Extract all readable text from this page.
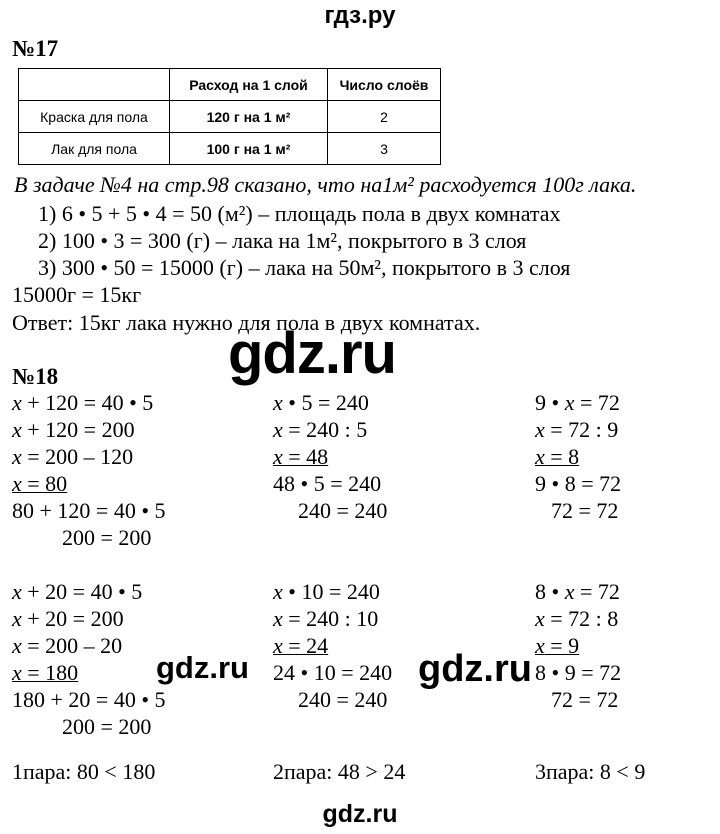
гдз.ру
№17
	Расход на 1 слой	Число слоёв
Краска для пола	120 г на 1 м²	2
Лак для пола	100 г на 1 м²	3
В задаче №4 на стр.98 сказано, что на1м² расходуется 100г лака.
1) 6 • 5 + 5 • 4 = 50 (м²) – площадь пола в двух комнатах
2) 100 • 3 = 300 (г) – лака на 1м², покрытого в 3 слоя
3) 300 • 50 = 15000 (г) – лака на 50м², покрытого в 3 слоя
15000г = 15кг
Ответ: 15кг лака нужно для пола в двух комнатах.
gdz.ru
№18
x + 120 = 40 • 5
x + 120 = 200
x = 200 – 120
x = 80
80 + 120 = 40 • 5
200 = 200
x • 5 = 240
x = 240 : 5
x = 48
48 • 5 = 240
240 = 240
9 • x = 72
x = 72 : 9
x = 8
9 • 8 = 72
72 = 72
x + 20 = 40 • 5
x + 20 = 200
x = 200 – 20
x = 180
180 + 20 = 40 • 5
200 = 200
x • 10 = 240
x = 240 : 10
x = 24
24 • 10 = 240
240 = 240
8 • x = 72
x = 72 : 8
x = 9
8 • 9 = 72
72 = 72
gdz.ru	gdz.ru
1пара: 80 < 180	2пара: 48 > 24	3пара: 8 < 9
gdz.ru
